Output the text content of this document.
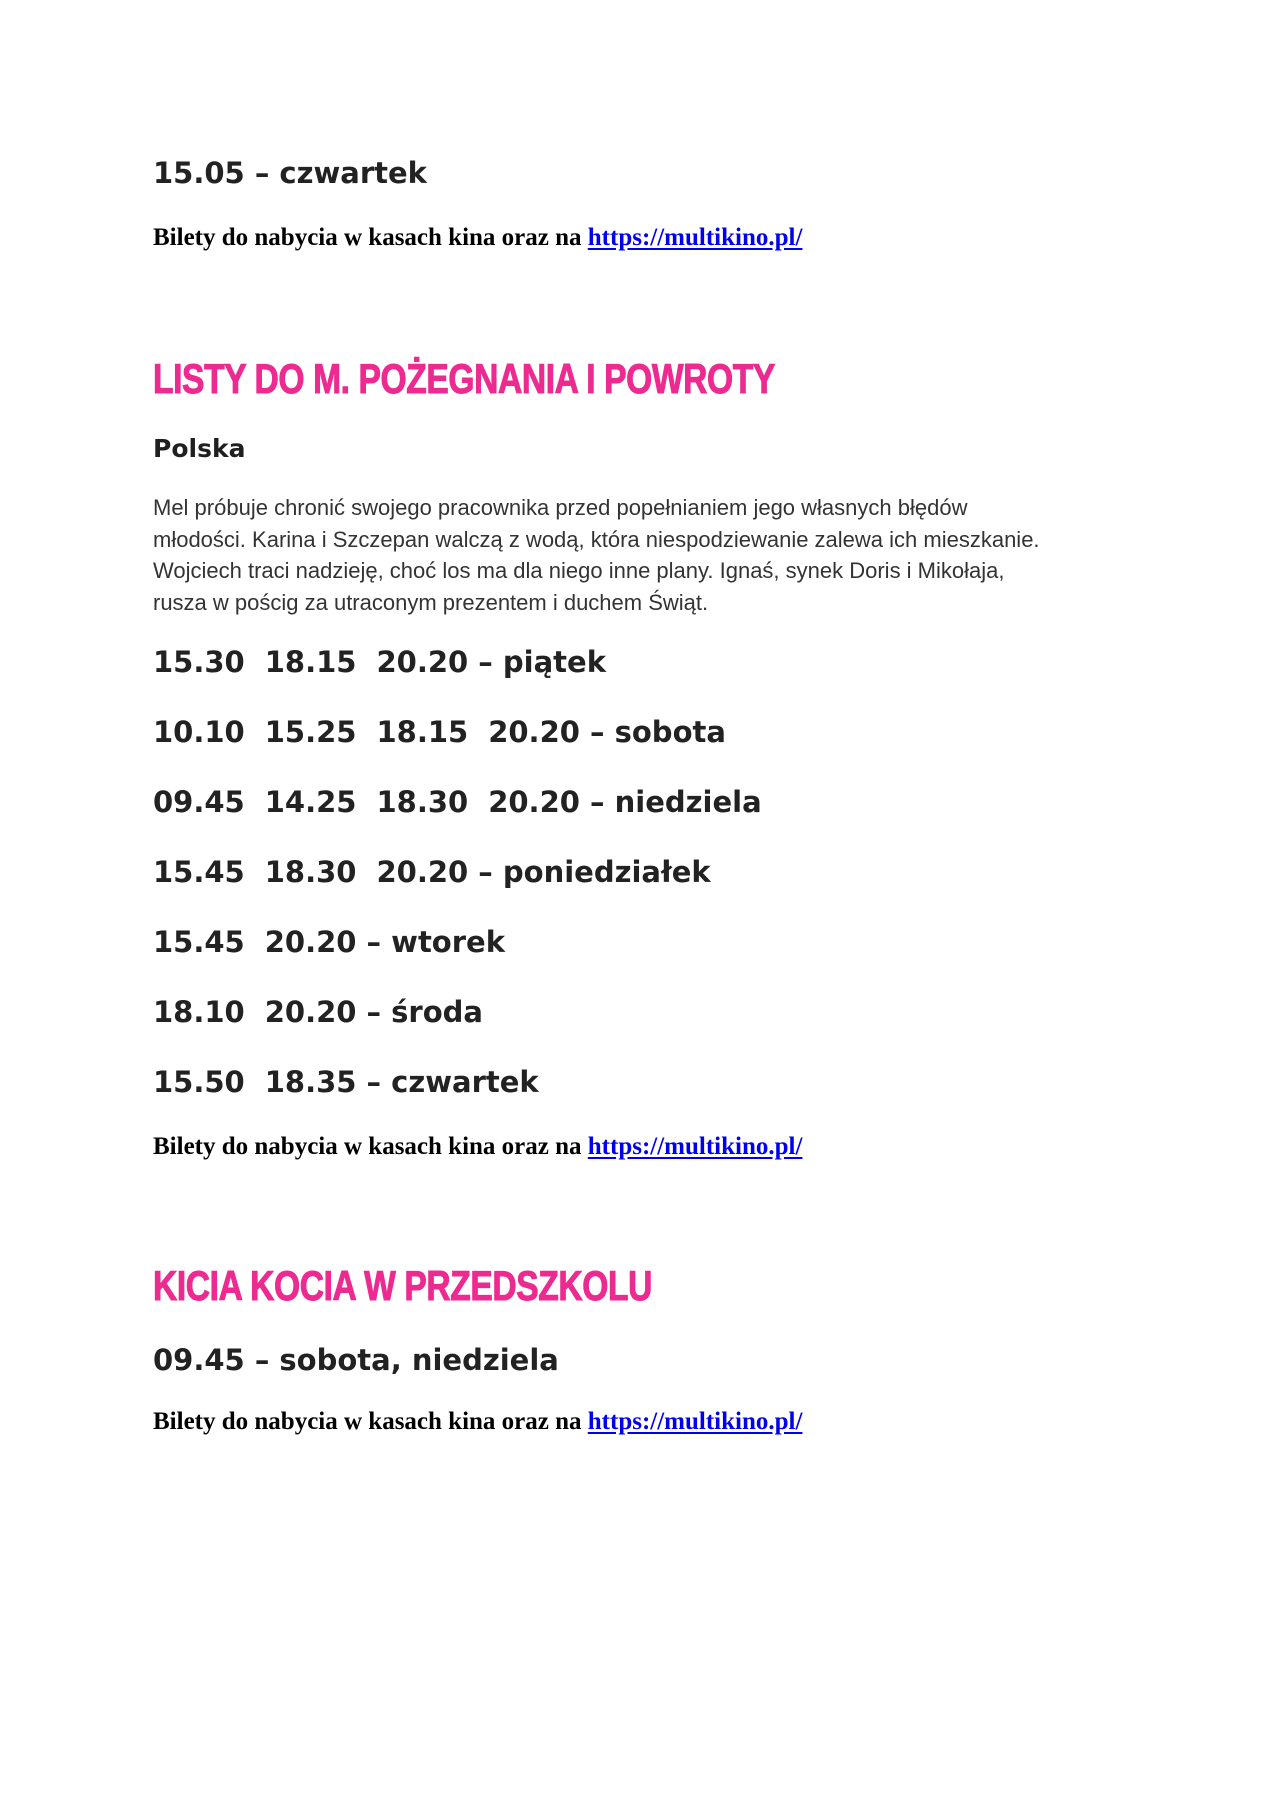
15.05 – czwartek
Bilety do nabycia w kasach kina oraz na https://multikino.pl/
LISTY DO M. POŻEGNANIA I POWROTY
Polska
Mel próbuje chronić swojego pracownika przed popełnianiem jego własnych błędów
młodości. Karina i Szczepan walczą z wodą, która niespodziewanie zalewa ich mieszkanie.
Wojciech traci nadzieję, choć los ma dla niego inne plany. Ignaś, synek Doris i Mikołaja,
rusza w pościg za utraconym prezentem i duchem Świąt.
15.30 18.15 20.20 – piątek
10.10 15.25 18.15 20.20 – sobota
09.45 14.25 18.30 20.20 – niedziela
15.45 18.30 20.20 – poniedziałek
15.45 20.20 – wtorek
18.10 20.20 – środa
15.50 18.35 – czwartek
Bilety do nabycia w kasach kina oraz na https://multikino.pl/
KICIA KOCIA W PRZEDSZKOLU
09.45 – sobota, niedziela
Bilety do nabycia w kasach kina oraz na https://multikino.pl/
